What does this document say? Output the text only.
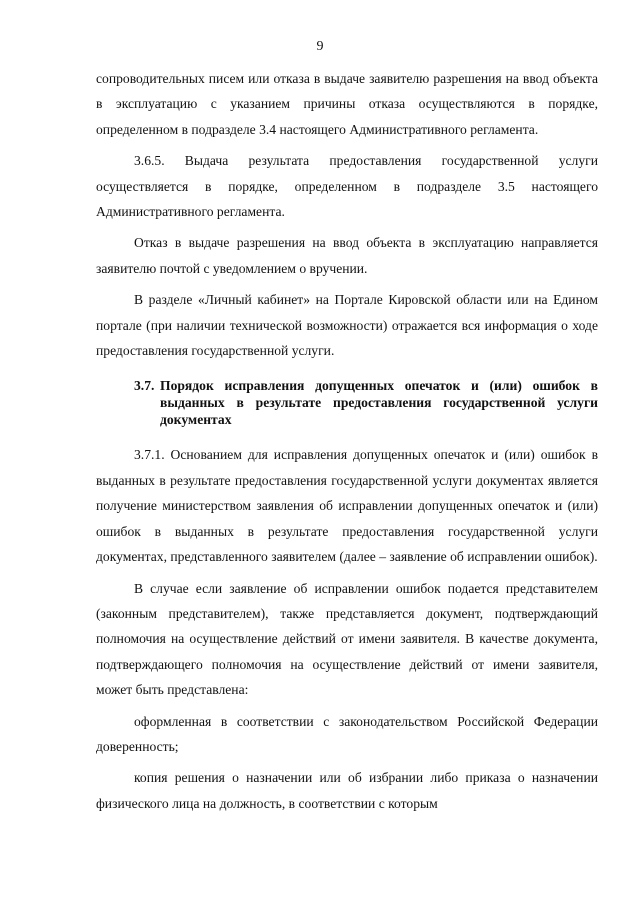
9

сопроводительных писем или отказа в выдаче заявителю разрешения на ввод объекта в эксплуатацию с указанием причины отказа осуществляются в порядке, определенном в подразделе 3.4 настоящего Административного регламента.

3.6.5. Выдача результата предоставления государственной услуги осуществляется в порядке, определенном в подразделе 3.5 настоящего Административного регламента.

Отказ в выдаче разрешения на ввод объекта в эксплуатацию направляется заявителю почтой с уведомлением о вручении.

В разделе «Личный кабинет» на Портале Кировской области или на Едином портале (при наличии технической возможности) отражается вся информация о ходе предоставления государственной услуги.

3.7. Порядок исправления допущенных опечаток и (или) ошибок в выданных в результате предоставления государственной услуги документах

3.7.1. Основанием для исправления допущенных опечаток и (или) ошибок в выданных в результате предоставления государственной услуги документах является получение министерством заявления об исправлении допущенных опечаток и (или) ошибок в выданных в результате предоставления государственной услуги документах, представленного заявителем (далее – заявление об исправлении ошибок).

В случае если заявление об исправлении ошибок подается представителем (законным представителем), также представляется документ, подтверждающий полномочия на осуществление действий от имени заявителя. В качестве документа, подтверждающего полномочия на осуществление действий от имени заявителя, может быть представлена:

оформленная в соответствии с законодательством Российской Федерации доверенность;

копия решения о назначении или об избрании либо приказа о назначении физического лица на должность, в соответствии с которым
